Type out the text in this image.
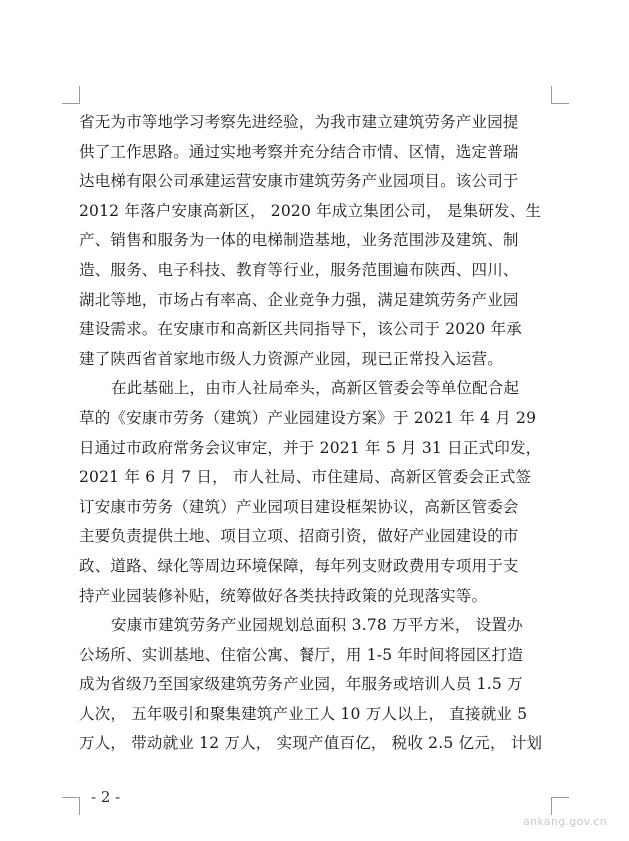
省无为市等地学习考察先进经验，为我市建立建筑劳务产业园提
供了工作思路。通过实地考察并充分结合市情、区情，选定普瑞
达电梯有限公司承建运营安康市建筑劳务产业园项目。该公司于
2012 年落户安康高新区， 2020 年成立集团公司， 是集研发、生
产、销售和服务为一体的电梯制造基地，业务范围涉及建筑、制
造、服务、电子科技、教育等行业，服务范围遍布陕西、四川、
湖北等地，市场占有率高、企业竞争力强，满足建筑劳务产业园
建设需求。在安康市和高新区共同指导下，该公司于 2020 年承
建了陕西省首家地市级人力资源产业园，现已正常投入运营。
在此基础上，由市人社局牵头，高新区管委会等单位配合起
草的《安康市劳务（建筑）产业园建设方案》于 2021 年 4 月 29
日通过市政府常务会议审定，并于 2021 年 5 月 31 日正式印发，
2021 年 6 月 7 日， 市人社局、市住建局、高新区管委会正式签
订安康市劳务（建筑）产业园项目建设框架协议，高新区管委会
主要负责提供土地、项目立项、招商引资，做好产业园建设的市
政、道路、绿化等周边环境保障，每年列支财政费用专项用于支
持产业园装修补贴，统筹做好各类扶持政策的兑现落实等。
安康市建筑劳务产业园规划总面积 3.78 万平方米， 设置办
公场所、实训基地、住宿公寓、餐厅，用 1-5 年时间将园区打造
成为省级乃至国家级建筑劳务产业园，年服务或培训人员 1.5 万
人次， 五年吸引和聚集建筑产业工人 10 万人以上， 直接就业 5
万人， 带动就业 12 万人， 实现产值百亿， 税收 2.5 亿元， 计划
- 2 -
ankang.gov.cn
